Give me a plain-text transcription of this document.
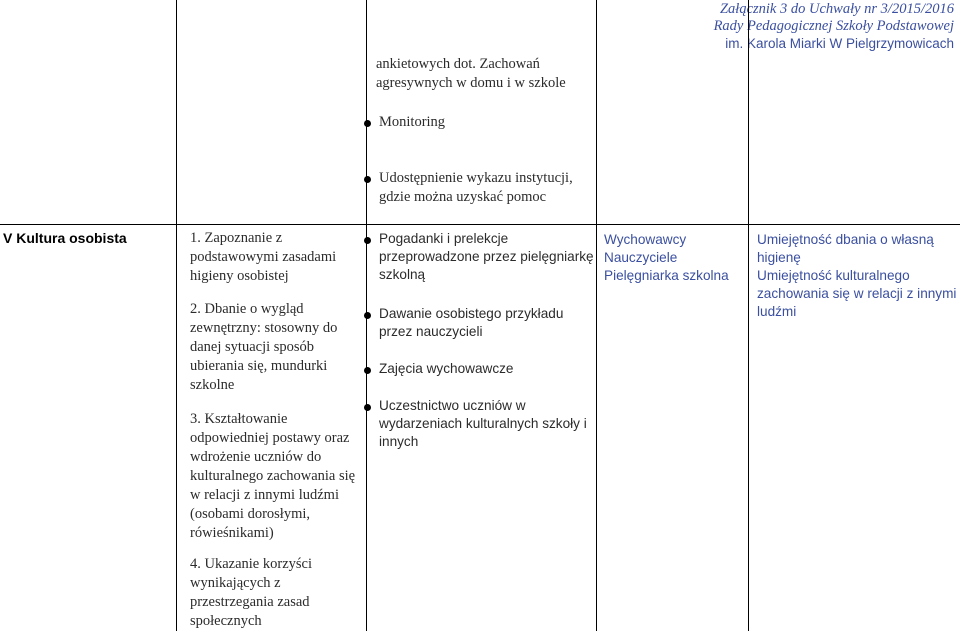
Załącznik 3 do Uchwały nr 3/2015/2016
Rady Pedagogicznej Szkoły Podstawowej
im. Karola Miarki W Pielgrzymowicach
ankietowych dot. Zachowań agresywnych w domu i w szkole
Monitoring
Udostępnienie wykazu instytucji, gdzie można uzyskać pomoc
V Kultura osobista	1. Zapoznanie z podstawowymi zasadami higieny osobistej
2. Dbanie o wygląd zewnętrzny: stosowny do danej sytuacji sposób ubierania się, mundurki szkolne
3. Kształtowanie odpowiedniej postawy oraz wdrożenie uczniów do kulturalnego zachowania się w relacji z innymi ludźmi (osobami dorosłymi, rówieśnikami)
4. Ukazanie korzyści wynikających z przestrzegania zasad społecznych
Pogadanki i prelekcje przeprowadzone przez pielęgniarkę szkolną
Dawanie osobistego przykładu przez nauczycieli
Zajęcia wychowawcze
Uczestnictwo uczniów w wydarzeniach kulturalnych szkoły i innych
Wychowawcy
Nauczyciele
Pielęgniarka szkolna
Umiejętność dbania o własną higienę
Umiejętność kulturalnego zachowania się w relacji z innymi ludźmi
